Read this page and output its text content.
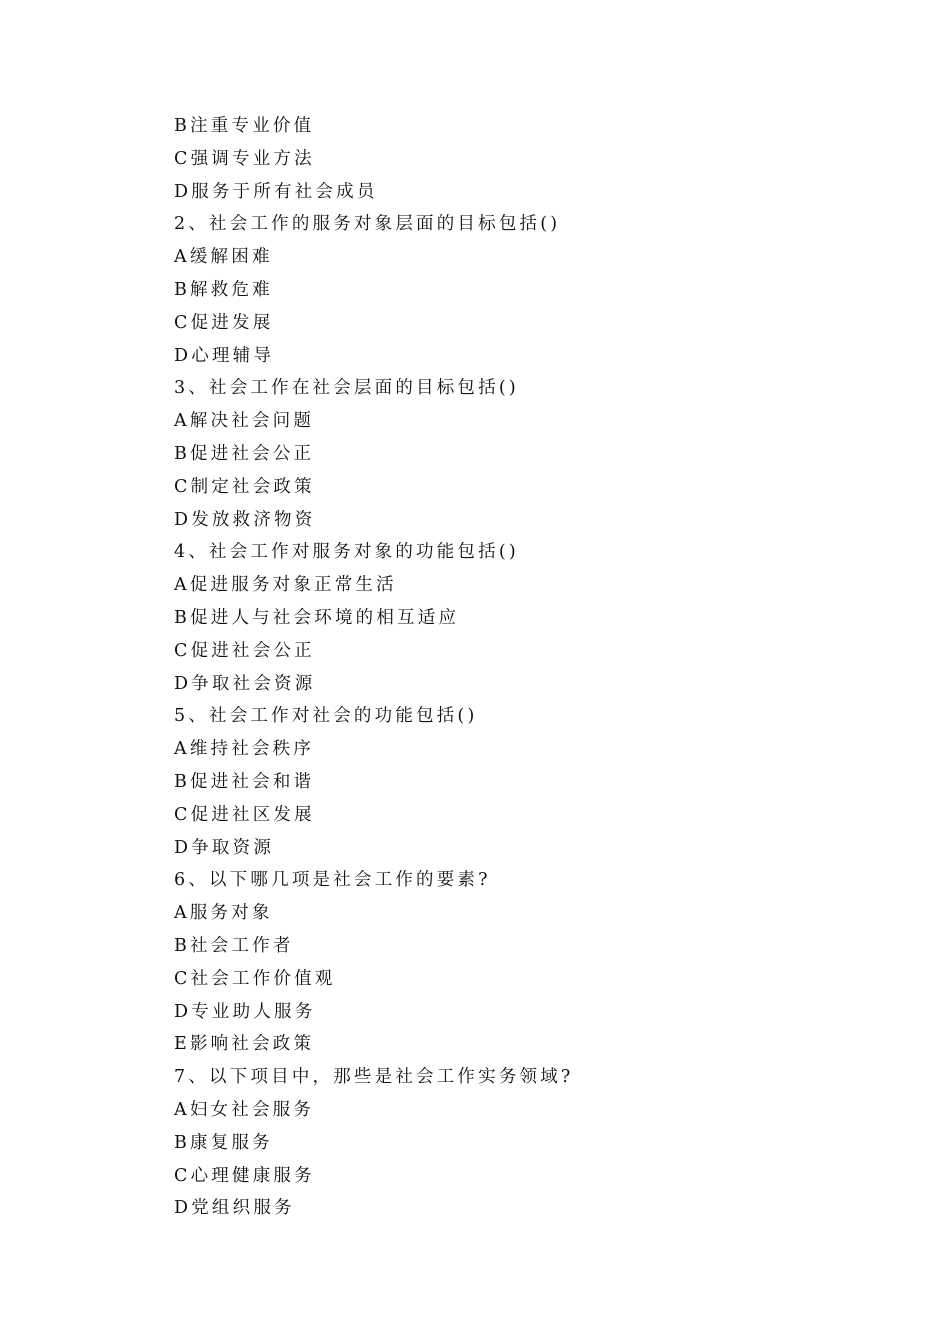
B注重专业价值
C强调专业方法
D服务于所有社会成员
2、社会工作的服务对象层面的目标包括()
A缓解困难
B解救危难
C促进发展
D心理辅导
3、社会工作在社会层面的目标包括()
A解决社会问题
B促进社会公正
C制定社会政策
D发放救济物资
4、社会工作对服务对象的功能包括()
A促进服务对象正常生活
B促进人与社会环境的相互适应
C促进社会公正
D争取社会资源
5、社会工作对社会的功能包括()
A维持社会秩序
B促进社会和谐
C促进社区发展
D争取资源
6、以下哪几项是社会工作的要素?
A服务对象
B社会工作者
C社会工作价值观
D专业助人服务
E影响社会政策
7、以下项目中，那些是社会工作实务领域?
A妇女社会服务
B康复服务
C心理健康服务
D党组织服务
